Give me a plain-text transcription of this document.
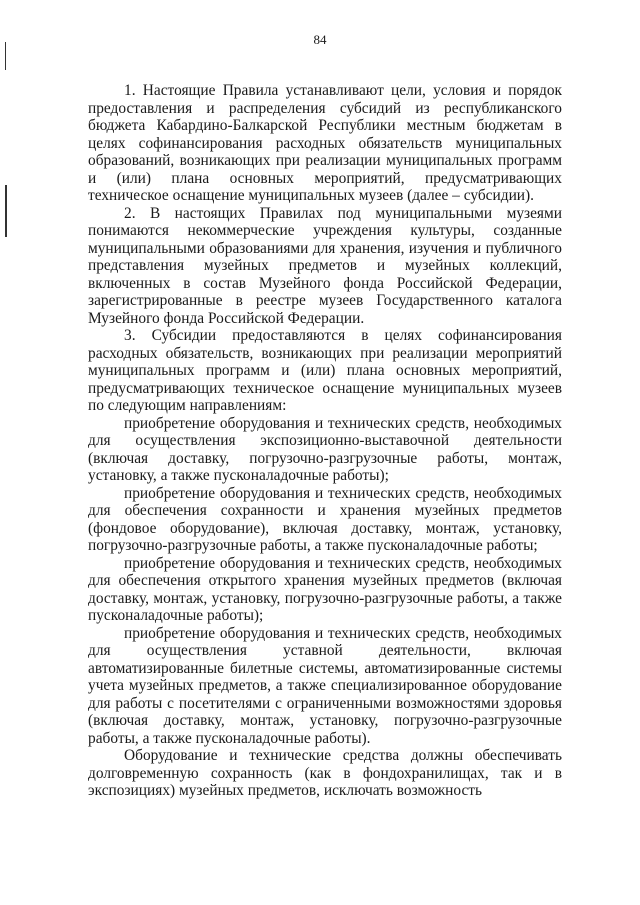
84

1. Настоящие Правила устанавливают цели, условия и порядок предоставления и распределения субсидий из республиканского бюджета Кабардино-Балкарской Республики местным бюджетам в целях софинансирования расходных обязательств муниципальных образований, возникающих при реализации муниципальных программ и (или) плана основных мероприятий, предусматривающих техническое оснащение муниципальных музеев (далее – субсидии).

2. В настоящих Правилах под муниципальными музеями понимаются некоммерческие учреждения культуры, созданные муниципальными образованиями для хранения, изучения и публичного представления музейных предметов и музейных коллекций, включенных в состав Музейного фонда Российской Федерации, зарегистрированные в реестре музеев Государственного каталога Музейного фонда Российской Федерации.

3. Субсидии предоставляются в целях софинансирования расходных обязательств, возникающих при реализации мероприятий муниципальных программ и (или) плана основных мероприятий, предусматривающих техническое оснащение муниципальных музеев по следующим направлениям:

приобретение оборудования и технических средств, необходимых для осуществления экспозиционно-выставочной деятельности (включая доставку, погрузочно-разгрузочные работы, монтаж, установку, а также пусконаладочные работы);

приобретение оборудования и технических средств, необходимых для обеспечения сохранности и хранения музейных предметов (фондовое оборудование), включая доставку, монтаж, установку, погрузочно-разгрузочные работы, а также пусконаладочные работы;

приобретение оборудования и технических средств, необходимых для обеспечения открытого хранения музейных предметов (включая доставку, монтаж, установку, погрузочно-разгрузочные работы, а также пусконаладочные работы);

приобретение оборудования и технических средств, необходимых для осуществления уставной деятельности, включая автоматизированные билетные системы, автоматизированные системы учета музейных предметов, а также специализированное оборудование для работы с посетителями с ограниченными возможностями здоровья (включая доставку, монтаж, установку, погрузочно-разгрузочные работы, а также пусконаладочные работы).

Оборудование и технические средства должны обеспечивать долговременную сохранность (как в фондохранилищах, так и в экспозициях) музейных предметов, исключать возможность
